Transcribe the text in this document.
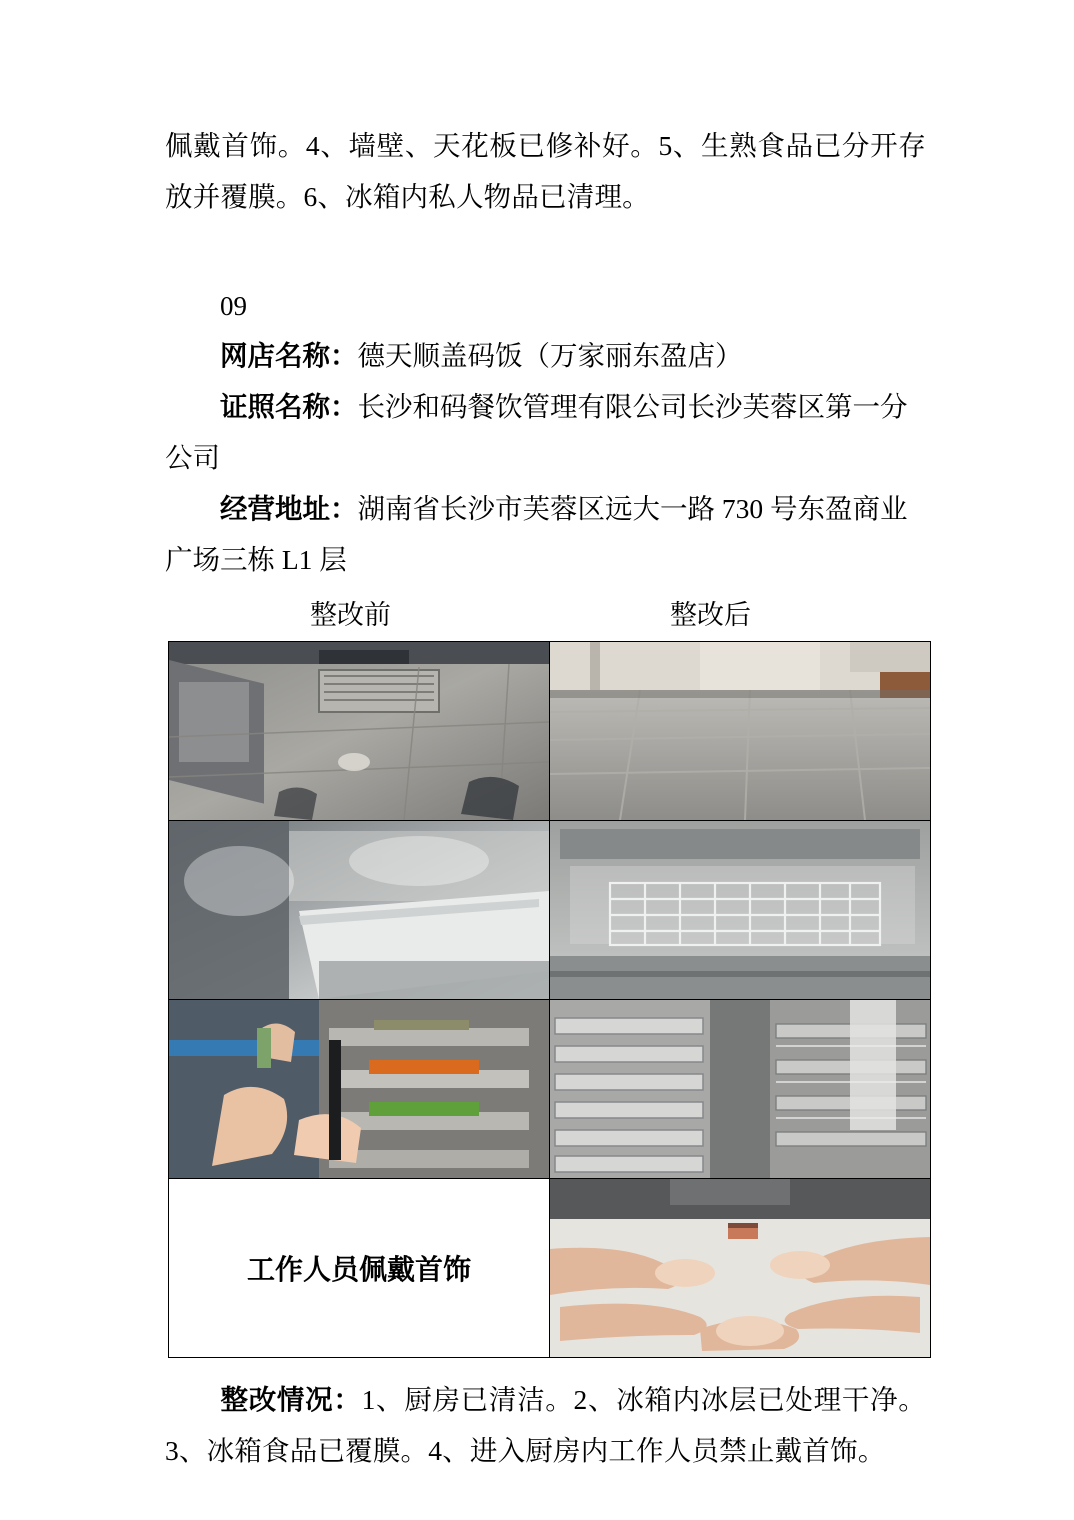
佩戴首饰。4、墙壁、天花板已修补好。5、生熟食品已分开存放并覆膜。6、冰箱内私人物品已清理。

09
网店名称：德天顺盖码饭（万家丽东盈店）
证照名称：长沙和码餐饮管理有限公司长沙芙蓉区第一分公司
经营地址：湖南省长沙市芙蓉区远大一路 730 号东盈商业广场三栋 L1 层
整改前	整改后

工作人员佩戴首饰	

整改情况：1、厨房已清洁。2、冰箱内冰层已处理干净。3、冰箱食品已覆膜。4、进入厨房内工作人员禁止戴首饰。
